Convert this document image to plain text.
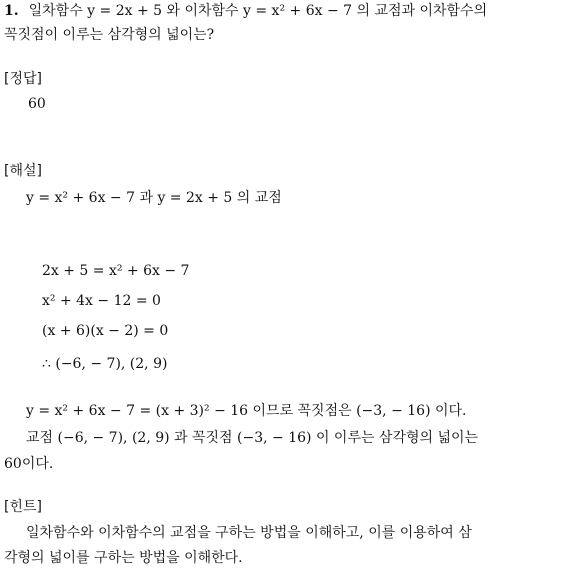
1. 일차함수 y = 2x + 5 와 이차함수 y = x² + 6x − 7 의 교점과 이차함수의
꼭짓점이 이루는 삼각형의 넓이는?
[정답]
60
[해설]
y = x² + 6x − 7 과 y = 2x + 5 의 교점
2x + 5 = x² + 6x − 7
x² + 4x − 12 = 0
(x + 6)(x − 2) = 0
∴ (−6, − 7), (2, 9)
y = x² + 6x − 7 = (x + 3)² − 16 이므로 꼭짓점은 (−3, − 16) 이다.
교점 (−6, − 7), (2, 9) 과 꼭짓점 (−3, − 16) 이 이루는 삼각형의 넓이는
60이다.
[힌트]
일차함수와 이차함수의 교점을 구하는 방법을 이해하고, 이를 이용하여 삼
각형의 넓이를 구하는 방법을 이해한다.
